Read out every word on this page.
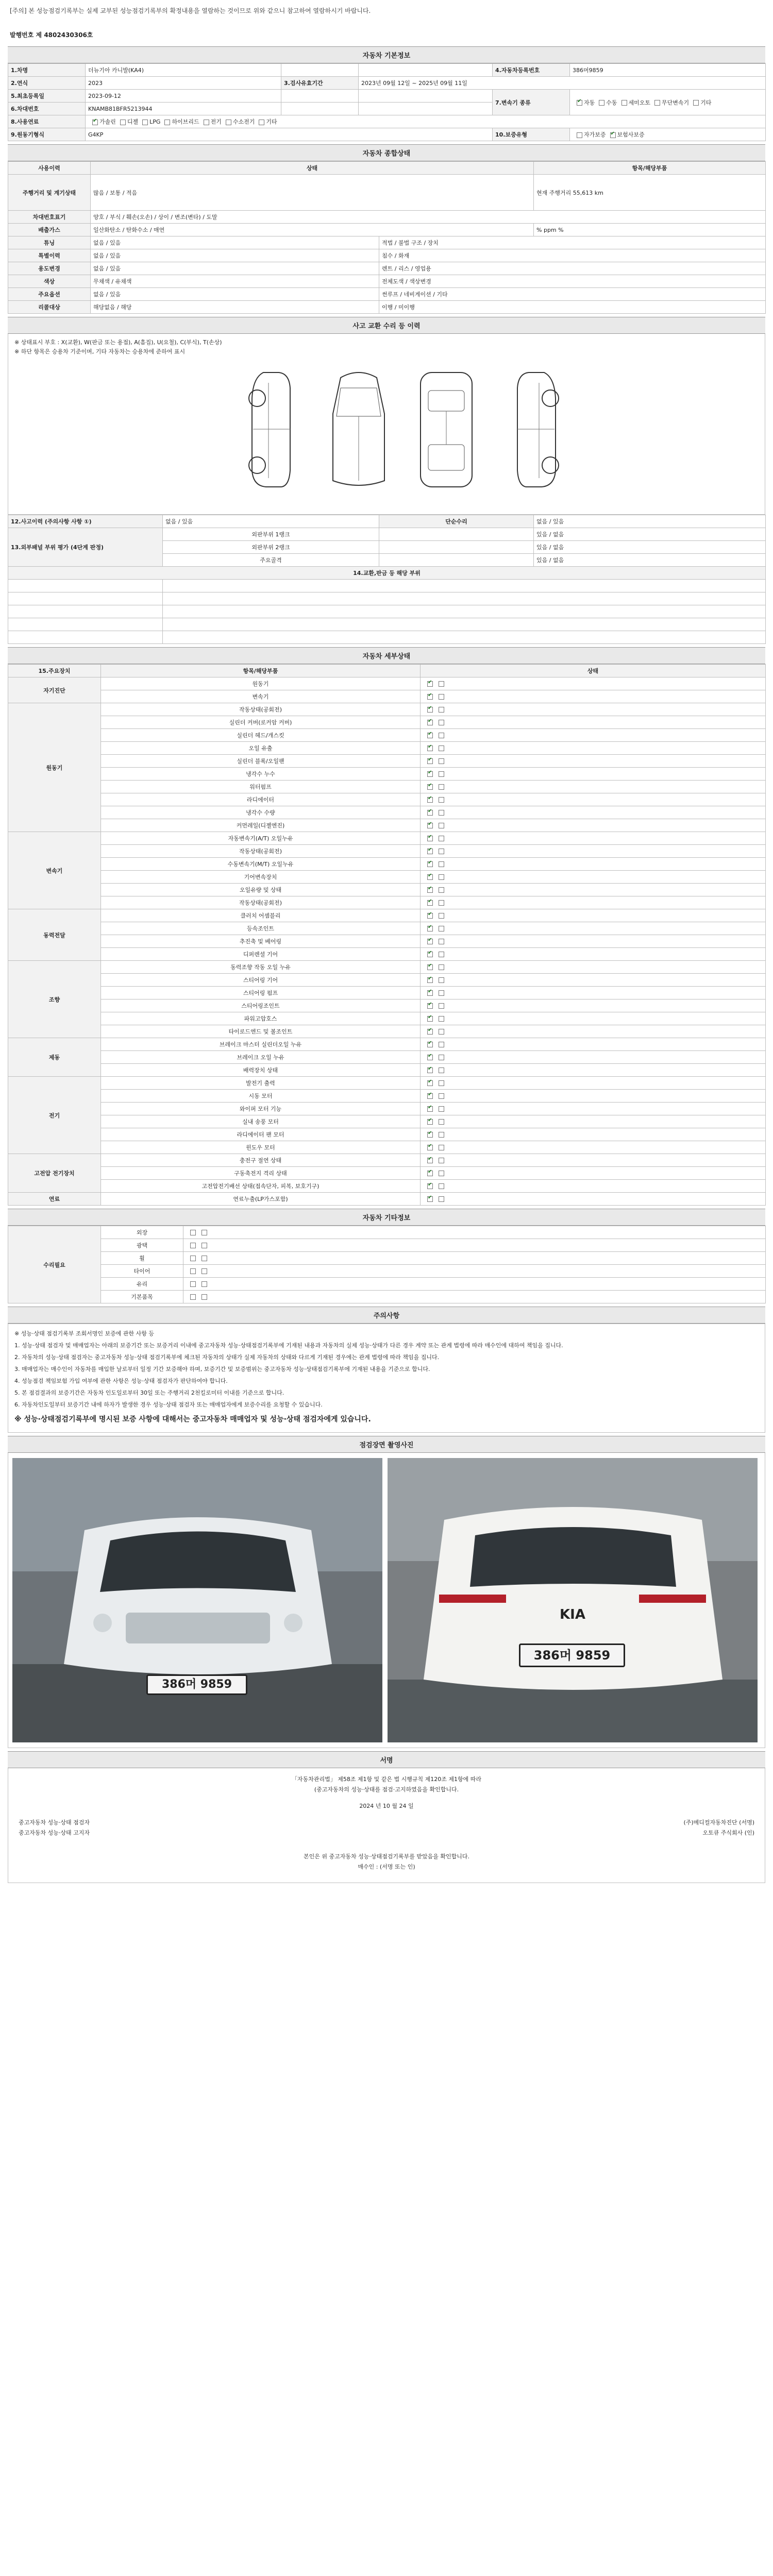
[주의] 본 성능점검기록부는 실제 교부된 성능점검기록부의 확정내용을 열람하는 것이므로 위와 같으니 참고하여 열람하시기 바랍니다.
발행번호 제 4802430306호
자동차 기본정보
1.차명	더뉴기아 카니발(KA4)			4.자동차등록번호	386머9859
2.연식	2023	3.검사유효기간	2023년 09월 12일 ~ 2025년 09월 11일		
5.최초등록일	2023-09-12			7.변속기 종류	✔자동 수동 세미오토 무단변속기 기타
6.차대번호	KNAMB81BFR5213944				
8.사용연료	✔가솔린 디젤 LPG 하이브리드 전기 수소전기 기타
9.원동기형식	G4KP			10.보증유형	자가보증 ✔ 보험사보증
자동차 종합상태
사용이력	상태		항목/해당부품
주행거리 및 계기상태	많음 / 보통 / 적음		현재 주행거리 55,613 km
차대번호표기	양호 / 부식 / 훼손(오손) / 상이 / 변조(변타) / 도말		
배출가스	일산화탄소 / 탄화수소 / 매연		% ppm %
튜닝	없음 / 있음	적법 / 불법 구조 / 장치	
특별이력	없음 / 있음	침수 / 화재	
용도변경	없음 / 있음	렌트 / 리스 / 영업용	
색상	무채색 / 유채색	전체도색 / 색상변경	
주요옵션	없음 / 있음	썬루프 / 네비게이션 / 기타	
리콜대상	해당없음 / 해당	이행 / 미이행	
사고 교환 수리 등 이력
※ 상태표시 부호 : X(교환), W(판금 또는 용접), A(흠집), U(요철), C(부식), T(손상)
※ 하단 항목은 승용차 기준이며, 기타 자동차는 승용차에 준하여 표시
12.사고이력 (주의사항 사항 ①)	없음 / 있음	단순수리	없음 / 있음
13.외부패널 부위 평가 (4단계 판정)	외판부위 1랭크		있음 / 없음
	외판부위 2랭크		있음 / 없음
	주요골격		있음 / 없음
14.교환,판금 등 해당 부위			

자동차 세부상태
15.주요장치	항목/해당부품	상태
자기진단	원동기	✔
	변속기	✔
원동기	작동상태(공회전)	✔
	실린더 커버(로커암 커버)	✔
	실린더 헤드/개스킷	✔
	오일 유출	✔
	실린더 블록/오일팬	✔
	냉각수 누수	✔
	워터펌프	✔
	라디에이터	✔
	냉각수 수량	✔
	커먼레일(디젤엔진)	✔
변속기	자동변속기(A/T) 오일누유	✔
	작동상태(공회전)	✔
	수동변속기(M/T) 오일누유	✔
	기어변속장치	✔
	오일유량 및 상태	✔
	작동상태(공회전)	✔
동력전달	클러치 어셈블리	✔
	등속조인트	✔
	추진축 및 베어링	✔
	디퍼렌셜 기어	✔
조향	동력조향 작동 오일 누유	✔
	스티어링 기어	✔
	스티어링 펌프	✔
	스티어링조인트	✔
	파워고압호스	✔
	타이로드엔드 및 볼조인트	✔
제동	브레이크 마스터 실린더오일 누유	✔
	브레이크 오일 누유	✔
	배력장치 상태	✔
전기	발전기 출력	✔
	시동 모터	✔
	와이퍼 모터 기능	✔
	실내 송풍 모터	✔
	라디에이터 팬 모터	✔
	윈도우 모터	✔
고전압 전기장치	충전구 절연 상태	✔
	구동축전지 격리 상태	✔
	고전압전기배선 상태(접속단자, 피복, 보호기구)	✔
연료	연료누출(LP가스포함)	✔
자동차 기타정보
수리필요	외장	
	광택	
	휠	
	타이어	
	유리	
	기본품목	
주의사항

※ 성능·상태 점검기록부 조회서명인 보증에 관한 사항 등

1. 성능·상태 점검자 및 매매업자는 아래의 보증기간 또는 보증거리 이내에 중고자동차 성능·상태점검기록부에 기재된 내용과 자동차의 실제 성능·상태가 다른 경우 계약 또는 관계 법령에 따라 매수인에 대하여 책임을 집니다.

2. 자동차의 성능·상태 점검자는 중고자동차 성능·상태 점검기록부에 체크된 자동차의 상태가 실제 자동차의 상태와 다르게 기재된 경우에는 관계 법령에 따라 책임을 집니다.

3. 매매업자는 매수인이 자동차를 매입한 날로부터 일정 기간 보증해야 하며, 보증기간 및 보증범위는 중고자동차 성능·상태점검기록부에 기재된 내용을 기준으로 합니다.

4. 성능점검 책임보험 가입 여부에 관한 사항은 성능·상태 점검자가 판단하여야 합니다.

5. 본 점검결과의 보증기간은 자동차 인도일로부터 30일 또는 주행거리 2천킬로미터 이내를 기준으로 합니다.

6. 자동차인도일부터 보증기간 내에 하자가 발생한 경우 성능·상태 점검자 또는 매매업자에게 보증수리를 요청할 수 있습니다.

※ 성능·상태점검기록부에 명시된 보증 사항에 대해서는 중고자동차 매매업자 및 성능·상태 점검자에게 있습니다.

점검장면 촬영사진
386머 9859
KIA
386머 9859
서명
「자동차관리법」 제58조 제1항 및 같은 법 시행규칙 제120조 제1항에 따라
(중고자동차의 성능·상태를 점검·고지하였음을 확인합니다.
2024 년 10 월 24 일
중고자동차 성능·상태 점검자	(주)메디컬자동차진단 (서명)
중고자동차 성능·상태 고지자	오토큐 주식회사 (인)
본인은 위 중고자동차 성능·상태점검기록부를 받았음을 확인합니다.
매수인 : (서명 또는 인)
